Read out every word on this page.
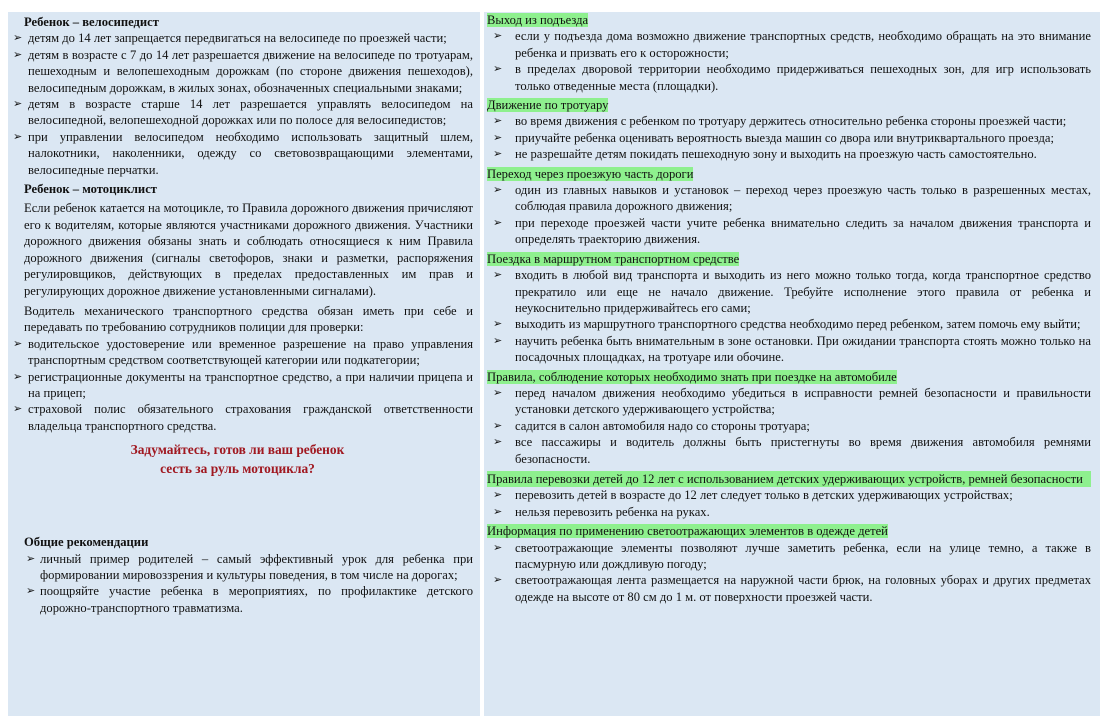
Ребенок – велосипедист
➢ детям до 14 лет запрещается передвигаться на велосипеде по проезжей части;
➢ детям в возрасте с 7 до 14 лет разрешается движение на велосипеде по тротуарам, пешеходным и велопешеходным дорожкам (по стороне движения пешеходов), велосипедным дорожкам, в жилых зонах, обозначенных специальными знаками;
➢ детям в возрасте старше 14 лет разрешается управлять велосипедом на велосипедной, велопешеходной дорожках или по полосе для велосипедистов;
➢ при управлении велосипедом необходимо использовать защитный шлем, налокотники, наколенники, одежду со световозвращающими элементами, велосипедные перчатки.
Ребенок – мотоциклист
Если ребенок катается на мотоцикле, то Правила дорожного движения причисляют его к водителям, которые являются участниками дорожного движения. Участники дорожного движения обязаны знать и соблюдать относящиеся к ним Правила дорожного движения (сигналы светофоров, знаки и разметки, распоряжения регулировщиков, действующих в пределах предоставленных им прав и регулирующих дорожное движение установленными сигналами).
Водитель механического транспортного средства обязан иметь при себе и передавать по требованию сотрудников полиции для проверки:
➢ водительское удостоверение или временное разрешение на право управления транспортным средством соответствующей категории или подкатегории;
➢ регистрационные документы на транспортное средство, а при наличии прицепа и на прицеп;
➢ страховой полис обязательного страхования гражданской ответственности владельца транспортного средства.
Задумайтесь, готов ли ваш ребенок
сесть за руль мотоцикла?
Общие рекомендации
➢ личный пример родителей – самый эффективный урок для ребенка при формировании мировоззрения и культуры поведения, в том числе на дорогах;
➢ поощряйте участие ребенка в мероприятиях, по профилактике детского дорожно-транспортного травматизма.
Выход из подъезда
➢ если у подъезда дома возможно движение транспортных средств, необходимо обращать на это внимание ребенка и призвать его к осторожности;
➢ в пределах дворовой территории необходимо придерживаться пешеходных зон, для игр использовать только отведенные места (площадки).
Движение по тротуару
➢ во время движения с ребенком по тротуару держитесь относительно ребенка стороны проезжей части;
➢ приучайте ребенка оценивать вероятность выезда машин со двора или внутриквартального проезда;
➢ не разрешайте детям покидать пешеходную зону и выходить на проезжую часть самостоятельно.
Переход через проезжую часть дороги
➢ один из главных навыков и установок – переход через проезжую часть только в разрешенных местах, соблюдая правила дорожного движения;
➢ при переходе проезжей части учите ребенка внимательно следить за началом движения транспорта и определять траекторию движения.
Поездка в маршрутном транспортном средстве
➢ входить в любой вид транспорта и выходить из него можно только тогда, когда транспортное средство прекратило или еще не начало движение. Требуйте исполнение этого правила от ребенка и неукоснительно придерживайтесь его сами;
➢ выходить из маршрутного транспортного средства необходимо перед ребенком, затем помочь ему выйти;
➢ научить ребенка быть внимательным в зоне остановки. При ожидании транспорта стоять можно только на посадочных площадках, на тротуаре или обочине.
Правила, соблюдение которых необходимо знать при поездке на автомобиле
➢ перед началом движения необходимо убедиться в исправности ремней безопасности и правильности установки детского удерживающего устройства;
➢ садится в салон автомобиля надо со стороны тротуара;
➢ все пассажиры и водитель должны быть пристегнуты во время движения автомобиля ремнями безопасности.
Правила перевозки детей до 12 лет с использованием детских удерживающих устройств, ремней безопасности
➢ перевозить детей в возрасте до 12 лет следует только в детских удерживающих устройствах;
➢ нельзя перевозить ребенка на руках.
Информация по применению светоотражающих элементов в одежде детей
➢ светоотражающие элементы позволяют лучше заметить ребенка, если на улице темно, а также в пасмурную или дождливую погоду;
➢ светоотражающая лента размещается на наружной части брюк, на головных уборах и других предметах одежде на высоте от 80 см до 1 м. от поверхности проезжей части.
